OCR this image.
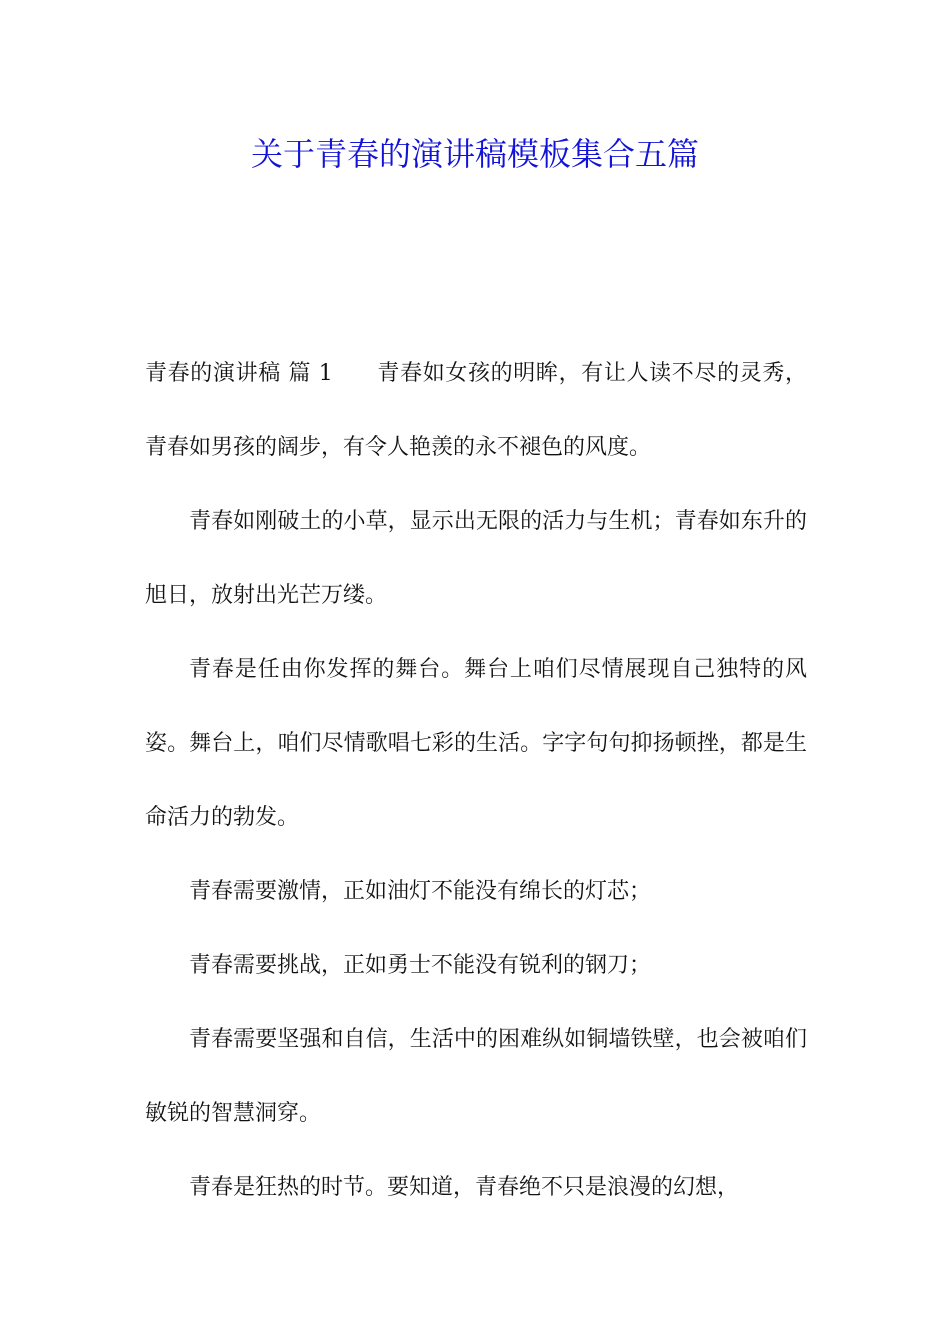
关于青春的演讲稿模板集合五篇

青春的演讲稿 篇 1 青春如女孩的明眸，有让人读不尽的灵秀，青春如男孩的阔步，有令人艳羡的永不褪色的风度。

青春如刚破土的小草，显示出无限的活力与生机；青春如东升的旭日，放射出光芒万缕。

青春是任由你发挥的舞台。舞台上咱们尽情展现自己独特的风姿。舞台上，咱们尽情歌唱七彩的生活。字字句句抑扬顿挫，都是生命活力的勃发。

青春需要激情，正如油灯不能没有绵长的灯芯；

青春需要挑战，正如勇士不能没有锐利的钢刀；

青春需要坚强和自信，生活中的困难纵如铜墙铁壁，也会被咱们敏锐的智慧洞穿。

青春是狂热的时节。要知道，青春绝不只是浪漫的幻想，
